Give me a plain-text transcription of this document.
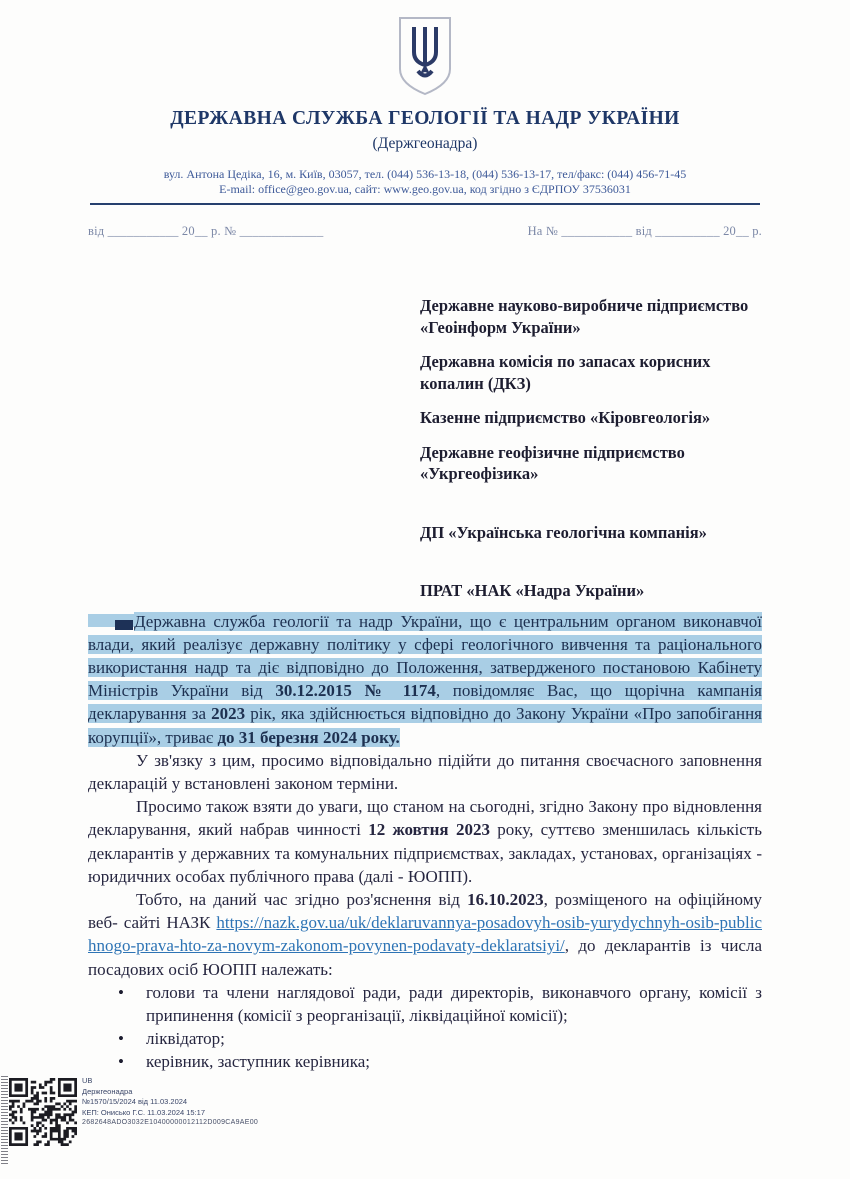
ДЕРЖАВНА СЛУЖБА ГЕОЛОГІЇ ТА НАДР УКРАЇНИ
(Держгеонадра)
вул. Антона Цедіка, 16, м. Київ, 03057, тел. (044) 536-13-18, (044) 536-13-17, тел/факс: (044) 456-71-45
E-mail: office@geo.gov.ua, сайт: www.geo.gov.ua, код згідно з ЄДРПОУ 37536031
від ___________ 20__ р. № _____________	На № ___________ від __________ 20__ р.
Державне науково-виробниче підприємство «Геоінформ України»
Державна комісія по запасах корисних копалин (ДКЗ)
Казенне підприємство «Кіровгеологія»
Державне геофізичне підприємство «Укргеофізика»
ДП «Українська геологічна компанія»
ПРАТ «НАК «Надра України»

Державна служба геології та надр України, що є центральним органом виконавчої влади, який реалізує державну політику у сфері геологічного вивчення та раціонального використання надр та діє відповідно до Положення, затвердженого постановою Кабінету Міністрів України від 30.12.2015 № 1174, повідомляє Вас, що щорічна кампанія декларування за 2023 рік, яка здійснюється відповідно до Закону України «Про запобігання корупції», триває до 31 березня 2024 року.

У зв'язку з цим, просимо відповідально підійти до питання своєчасного заповнення декларацій у встановлені законом терміни.

Просимо також взяти до уваги, що станом на сьогодні, згідно Закону про відновлення декларування, який набрав чинності 12 жовтня 2023 року, суттєво зменшилась кількість декларантів у державних та комунальних підприємствах, закладах, установах, організаціях - юридичних особах публічного права (далі - ЮОПП).

Тобто, на даний час згідно роз'яснення від 16.10.2023, розміщеного на офіційному веб- сайті НАЗК https://nazk.gov.ua/uk/deklaruvannya-posadovyh-osib-yurydychnyh-osib-publichnogo-prava-hto-za-novym-zakonom-povynen-podavaty-deklaratsiyi/, до декларантів із числа посадових осіб ЮОПП належать:

• голови та члени наглядової ради, ради директорів, виконавчого органу, комісії з припинення (комісії з реорганізації, ліквідаційної комісії);
• ліквідатор;
• керівник, заступник керівника;
UB
Держгеонадра
№1570/15/2024 від 11.03.2024
КЕП: Онисько Г.С. 11.03.2024 15:17
2682648ADO3032E10400000012112D009CA9AE00
